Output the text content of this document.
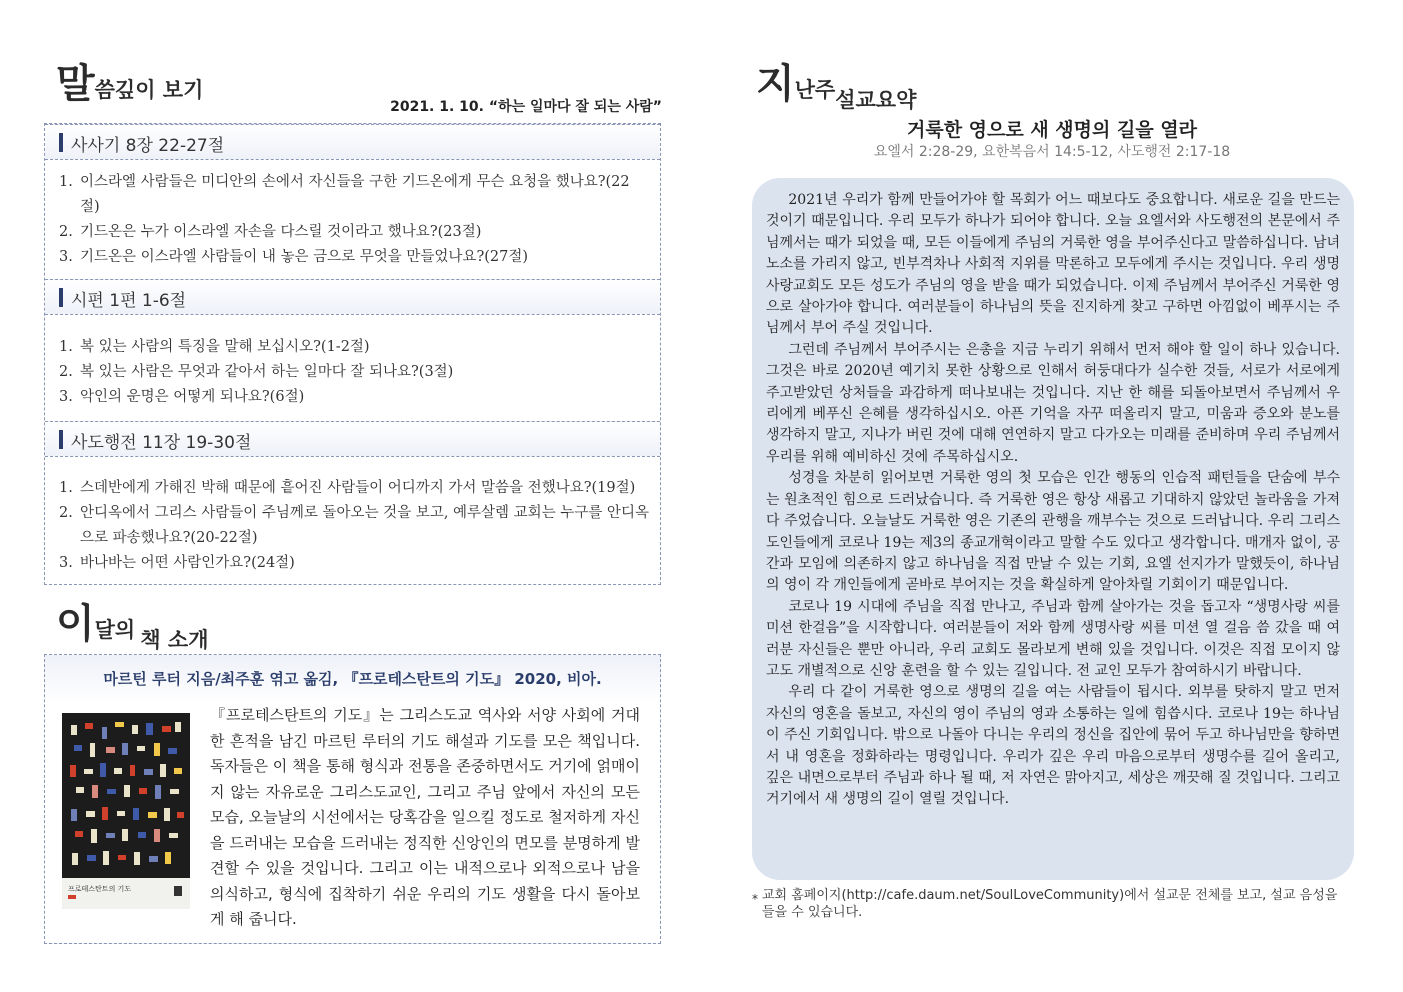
말씀깊이 보기
2021. 1. 10. “하는 일마다 잘 되는 사람”
사사기 8장 22-27절
1. 이스라엘 사람들은 미디안의 손에서 자신들을 구한 기드온에게 무슨 요청을 했나요?(22절)
2. 기드온은 누가 이스라엘 자손을 다스릴 것이라고 했나요?(23절)
3. 기드온은 이스라엘 사람들이 내 놓은 금으로 무엇을 만들었나요?(27절)
시편 1편 1-6절
1. 복 있는 사람의 특징을 말해 보십시오?(1-2절)
2. 복 있는 사람은 무엇과 같아서 하는 일마다 잘 되나요?(3절)
3. 악인의 운명은 어떻게 되나요?(6절)
사도행전 11장 19-30절
1. 스데반에게 가해진 박해 때문에 흩어진 사람들이 어디까지 가서 말씀을 전했나요?(19절)
2. 안디옥에서 그리스 사람들이 주님께로 돌아오는 것을 보고, 예루살렘 교회는 누구를 안디옥으로 파송했나요?(20-22절)
3. 바나바는 어떤 사람인가요?(24절)
이달의 책 소개
마르틴 루터 지음/최주훈 엮고 옮김, 『프로테스탄트의 기도』 2020, 비아.
프로테스탄트의 기도
『프로테스탄트의 기도』는 그리스도교 역사와 서양 사회에 거대한 흔적을 남긴 마르틴 루터의 기도 해설과 기도를 모은 책입니다. 독자들은 이 책을 통해 형식과 전통을 존중하면서도 거기에 얽매이지 않는 자유로운 그리스도교인, 그리고 주님 앞에서 자신의 모든 모습, 오늘날의 시선에서는 당혹감을 일으킬 정도로 철저하게 자신을 드러내는 모습을 드러내는 정직한 신앙인의 면모를 분명하게 발견할 수 있을 것입니다. 그리고 이는 내적으로나 외적으로나 남을 의식하고, 형식에 집착하기 쉬운 우리의 기도 생활을 다시 돌아보게 해 줍니다.
지난주설교요약
거룩한 영으로 새 생명의 길을 열라
요엘서 2:28-29, 요한복음서 14:5-12, 사도행전 2:17-18

2021년 우리가 함께 만들어가야 할 목회가 어느 때보다도 중요합니다. 새로운 길을 만드는 것이기 때문입니다. 우리 모두가 하나가 되어야 합니다. 오늘 요엘서와 사도행전의 본문에서 주님께서는 때가 되었을 때, 모든 이들에게 주님의 거룩한 영을 부어주신다고 말씀하십니다. 남녀노소를 가리지 않고, 빈부격차나 사회적 지위를 막론하고 모두에게 주시는 것입니다. 우리 생명사랑교회도 모든 성도가 주님의 영을 받을 때가 되었습니다. 이제 주님께서 부어주신 거룩한 영으로 살아가야 합니다. 여러분들이 하나님의 뜻을 진지하게 찾고 구하면 아낌없이 베푸시는 주님께서 부어 주실 것입니다.

그런데 주님께서 부어주시는 은총을 지금 누리기 위해서 먼저 해야 할 일이 하나 있습니다. 그것은 바로 2020년 예기치 못한 상황으로 인해서 허둥대다가 실수한 것들, 서로가 서로에게 주고받았던 상처들을 과감하게 떠나보내는 것입니다. 지난 한 해를 되돌아보면서 주님께서 우리에게 베푸신 은혜를 생각하십시오. 아픈 기억을 자꾸 떠올리지 말고, 미움과 증오와 분노를 생각하지 말고, 지나가 버린 것에 대해 연연하지 말고 다가오는 미래를 준비하며 우리 주님께서 우리를 위해 예비하신 것에 주목하십시오.

성경을 차분히 읽어보면 거룩한 영의 첫 모습은 인간 행동의 인습적 패턴들을 단숨에 부수는 원초적인 힘으로 드러났습니다. 즉 거룩한 영은 항상 새롭고 기대하지 않았던 놀라움을 가져다 주었습니다. 오늘날도 거룩한 영은 기존의 관행을 깨부수는 것으로 드러납니다. 우리 그리스도인들에게 코로나 19는 제3의 종교개혁이라고 말할 수도 있다고 생각합니다. 매개자 없이, 공간과 모임에 의존하지 않고 하나님을 직접 만날 수 있는 기회, 요엘 선지가가 말했듯이, 하나님의 영이 각 개인들에게 곧바로 부어지는 것을 확실하게 알아차릴 기회이기 때문입니다.

코로나 19 시대에 주님을 직접 만나고, 주님과 함께 살아가는 것을 돕고자 “생명사랑 씨를 미션 한걸음”을 시작합니다. 여러분들이 저와 함께 생명사랑 씨를 미션 열 걸음 씀 갔을 때 여러분 자신들은 뿐만 아니라, 우리 교회도 몰라보게 변해 있을 것입니다. 이것은 직접 모이지 않고도 개별적으로 신앙 훈련을 할 수 있는 길입니다. 전 교인 모두가 참여하시기 바랍니다.

우리 다 같이 거룩한 영으로 생명의 길을 여는 사람들이 됩시다. 외부를 탓하지 말고 먼저 자신의 영혼을 돌보고, 자신의 영이 주님의 영과 소통하는 일에 힘씁시다. 코로나 19는 하나님이 주신 기회입니다. 밖으로 나돌아 다니는 우리의 정신을 집안에 묶어 두고 하나님만을 향하면서 내 영혼을 정화하라는 명령입니다. 우리가 깊은 우리 마음으로부터 생명수를 길어 올리고, 깊은 내면으로부터 주님과 하나 될 때, 저 자연은 맑아지고, 세상은 깨끗해 질 것입니다. 그리고 거기에서 새 생명의 길이 열릴 것입니다.

* 교회 홈페이지(http://cafe.daum.net/SoulLoveCommunity)에서 설교문 전체를 보고, 설교 음성을 들을 수 있습니다.
